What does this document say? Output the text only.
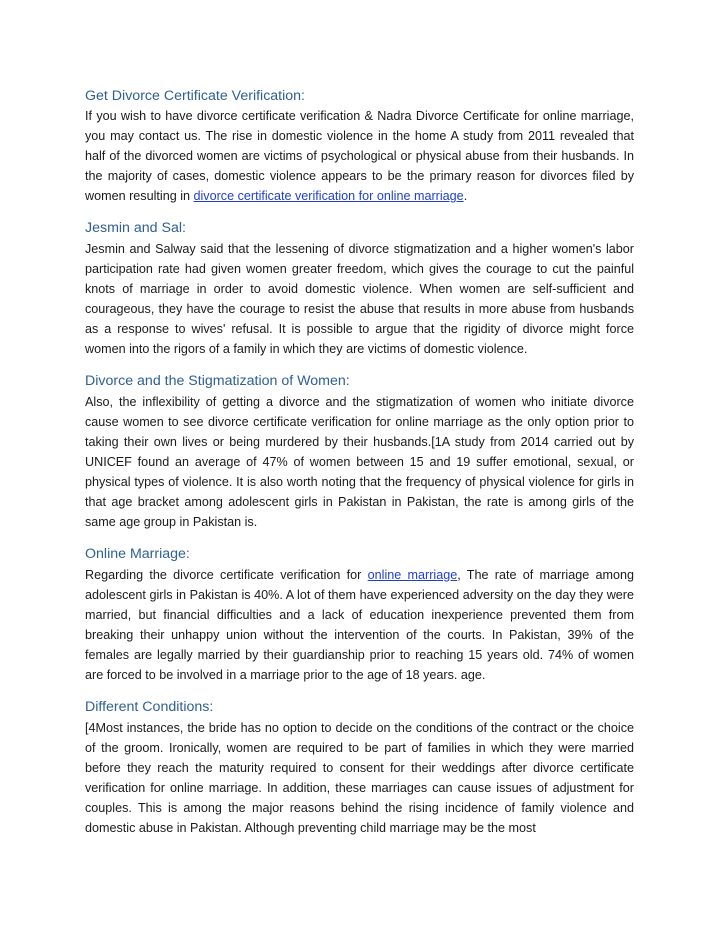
Get Divorce Certificate Verification:

If you wish to have divorce certificate verification & Nadra Divorce Certificate for online marriage, you may contact us. The rise in domestic violence in the home A study from 2011 revealed that half of the divorced women are victims of psychological or physical abuse from their husbands. In the majority of cases, domestic violence appears to be the primary reason for divorces filed by women resulting in divorce certificate verification for online marriage.

Jesmin and Sal:

Jesmin and Salway said that the lessening of divorce stigmatization and a higher women's labor participation rate had given women greater freedom, which gives the courage to cut the painful knots of marriage in order to avoid domestic violence. When women are self-sufficient and courageous, they have the courage to resist the abuse that results in more abuse from husbands as a response to wives' refusal. It is possible to argue that the rigidity of divorce might force women into the rigors of a family in which they are victims of domestic violence.

Divorce and the Stigmatization of Women:

Also, the inflexibility of getting a divorce and the stigmatization of women who initiate divorce cause women to see divorce certificate verification for online marriage as the only option prior to taking their own lives or being murdered by their husbands.[1A study from 2014 carried out by UNICEF found an average of 47% of women between 15 and 19 suffer emotional, sexual, or physical types of violence. It is also worth noting that the frequency of physical violence for girls in that age bracket among adolescent girls in Pakistan in Pakistan, the rate is among girls of the same age group in Pakistan is.

Online Marriage:

Regarding the divorce certificate verification for online marriage, The rate of marriage among adolescent girls in Pakistan is 40%. A lot of them have experienced adversity on the day they were married, but financial difficulties and a lack of education inexperience prevented them from breaking their unhappy union without the intervention of the courts. In Pakistan, 39% of the females are legally married by their guardianship prior to reaching 15 years old. 74% of women are forced to be involved in a marriage prior to the age of 18 years. age.

Different Conditions:

[4Most instances, the bride has no option to decide on the conditions of the contract or the choice of the groom. Ironically, women are required to be part of families in which they were married before they reach the maturity required to consent for their weddings after divorce certificate verification for online marriage. In addition, these marriages can cause issues of adjustment for couples. This is among the major reasons behind the rising incidence of family violence and domestic abuse in Pakistan. Although preventing child marriage may be the most
